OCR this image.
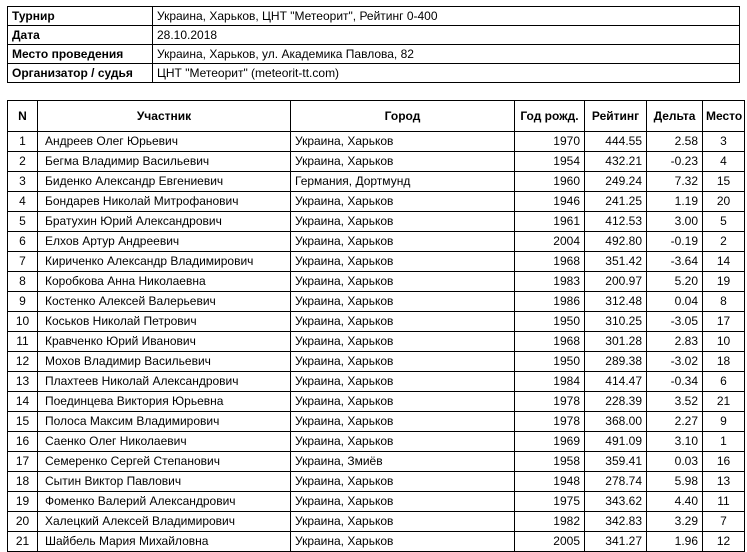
Турнир	Украина, Харьков, ЦНТ "Метеорит", Рейтинг 0-400
Дата	28.10.2018
Место проведения	Украина, Харьков, ул. Академика Павлова, 82
Организатор / судья	ЦНТ "Метеорит" (meteorit-tt.com)
N	Участник	Город	Год рожд.	Рейтинг	Дельта	Место
1	Андреев Олег Юрьевич	Украина, Харьков	1970	444.55	2.58	3
2	Бегма Владимир Васильевич	Украина, Харьков	1954	432.21	-0.23	4
3	Биденко Александр Евгениевич	Германия, Дортмунд	1960	249.24	7.32	15
4	Бондарев Николай Митрофанович	Украина, Харьков	1946	241.25	1.19	20
5	Братухин Юрий Александрович	Украина, Харьков	1961	412.53	3.00	5
6	Елхов Артур Андреевич	Украина, Харьков	2004	492.80	-0.19	2
7	Кириченко Александр Владимирович	Украина, Харьков	1968	351.42	-3.64	14
8	Коробкова Анна Николаевна	Украина, Харьков	1983	200.97	5.20	19
9	Костенко Алексей Валерьевич	Украина, Харьков	1986	312.48	0.04	8
10	Коськов Николай Петрович	Украина, Харьков	1950	310.25	-3.05	17
11	Кравченко Юрий Иванович	Украина, Харьков	1968	301.28	2.83	10
12	Мохов Владимир Васильевич	Украина, Харьков	1950	289.38	-3.02	18
13	Плахтеев Николай Александрович	Украина, Харьков	1984	414.47	-0.34	6
14	Поединцева Виктория Юрьевна	Украина, Харьков	1978	228.39	3.52	21
15	Полоса Максим Владимирович	Украина, Харьков	1978	368.00	2.27	9
16	Саенко Олег Николаевич	Украина, Харьков	1969	491.09	3.10	1
17	Семеренко Сергей Степанович	Украина, Змиёв	1958	359.41	0.03	16
18	Сытин Виктор Павлович	Украина, Харьков	1948	278.74	5.98	13
19	Фоменко Валерий Александрович	Украина, Харьков	1975	343.62	4.40	11
20	Халецкий Алексей Владимирович	Украина, Харьков	1982	342.83	3.29	7
21	Шайбель Мария Михайловна	Украина, Харьков	2005	341.27	1.96	12
